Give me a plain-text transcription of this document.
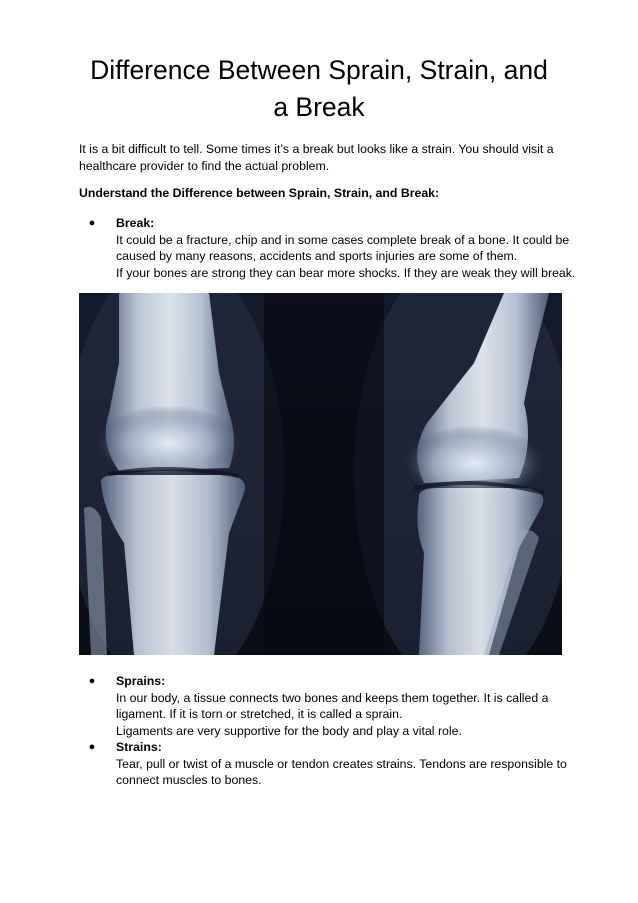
Difference Between Sprain, Strain, and
a Break

It is a bit difficult to tell. Some times it’s a break but looks like a strain. You should visit a
healthcare provider to find the actual problem.

Understand the Difference between Sprain, Strain, and Break:

● Break:
It could be a fracture, chip and in some cases complete break of a bone. It could be
caused by many reasons, accidents and sports injuries are some of them.
If your bones are strong they can bear more shocks. If they are weak they will break.
● Sprains:
In our body, a tissue connects two bones and keeps them together. It is called a
ligament. If it is torn or stretched, it is called a sprain.
Ligaments are very supportive for the body and play a vital role.
● Strains:
Tear, pull or twist of a muscle or tendon creates strains. Tendons are responsible to
connect muscles to bones.
